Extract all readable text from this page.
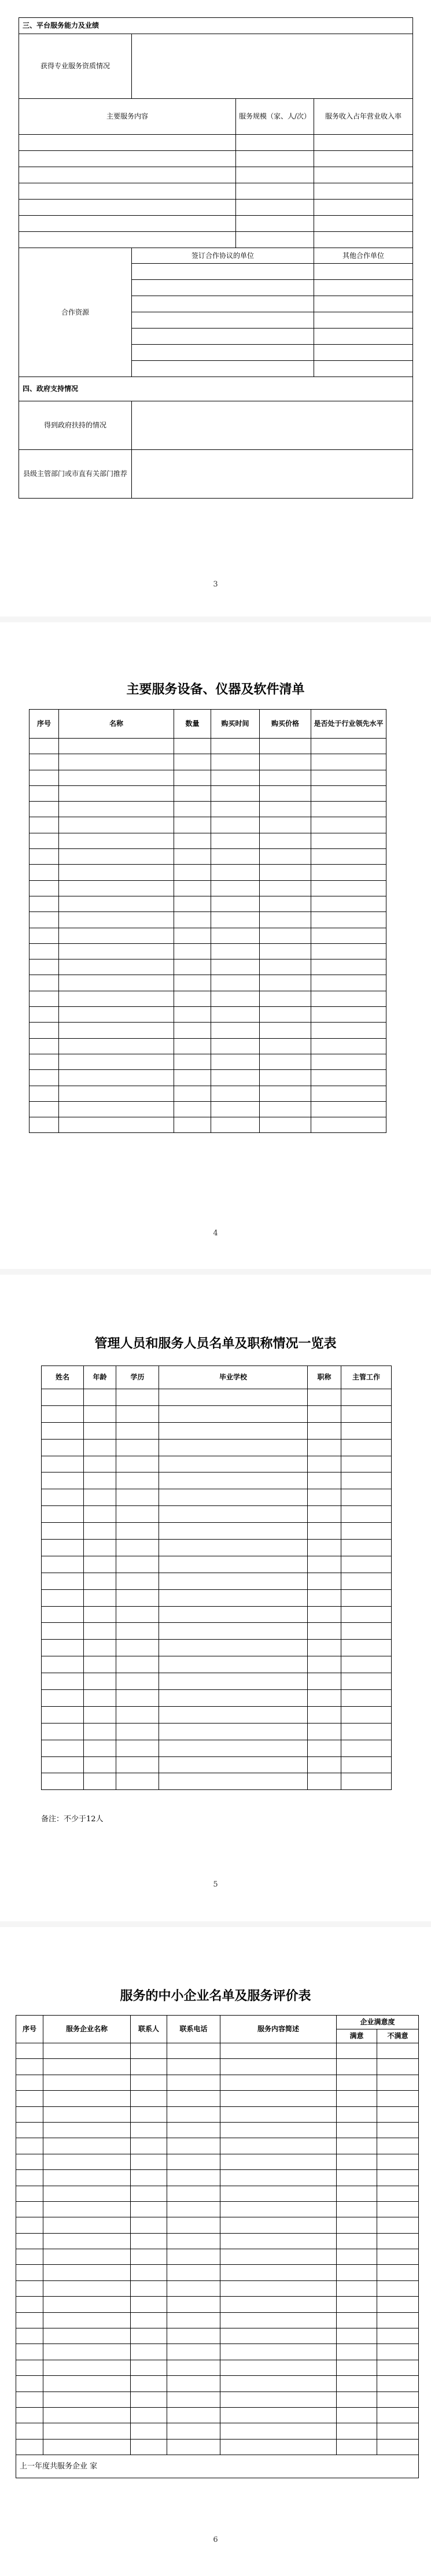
三、平台服务能力及业绩			
获得专业服务资质情况			
主要服务内容		服务规模（家、人/次）	服务收入占年营业收入率

合作资源	签订合作协议的单位		其他合作单位

四、政府支持情况			
得到政府扶持的情况			
县级主管部门或市直有关部门推荐			
3
主要服务设备、仪器及软件清单
序号	名称	数量	购买时间	购买价格	是否处于行业领先水平

4
管理人员和服务人员名单及职称情况一览表
姓名	年龄	学历	毕业学校	职称	主管工作

备注：不少于12人
5
服务的中小企业名单及服务评价表
序号	服务企业名称	联系人	联系电话	服务内容简述	企业满意度	
					满意	不满意

上一年度共服务企业 家						
6
